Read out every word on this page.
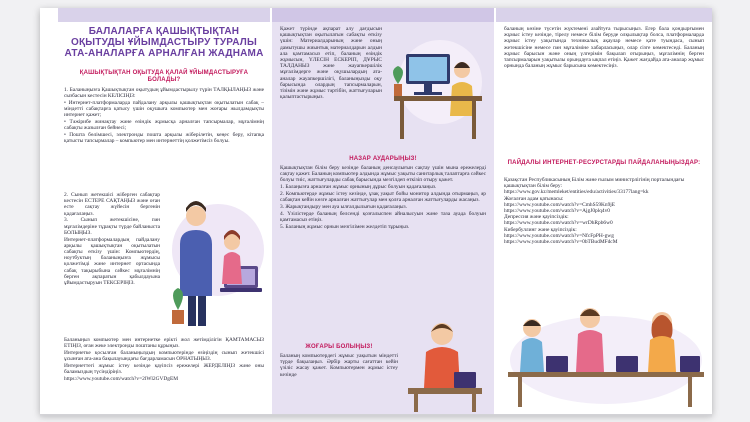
БАЛАЛАРҒА ҚАШЫҚТЫҚТАН ОҚЫТУДЫ ҰЙЫМДАСТЫРУ ТУРАЛЫ АТА-АНАЛАРҒА АРНАЛҒАН ЖАДНАМА
ҚАШЫҚТЫҚТАН ОҚЫТУДА ҚАЛАЙ ҰЙЫМДАСТЫРУҒА БОЛАДЫ?

1. Баланыңызға Қашықтықтан оқытудың ұйымдастырылу түрін ТАЛҚЫЛАҢЫЗ және сызбасын кестесін КЕЛІСІҢІЗ:

• Интернет-платформаларда пайдалану арқылы қашықтықтан оқытылатын сабақ – міндетті сабақтарға қатысу үшін оқушыға компьютер мен жоғары жылдамдықты интернет қажет;

• Тәжірибе жинақтау және өзіндік жұмысқа арналған тапсырмалар, мұғалімнің сабақты жазылған бейнесі;

• Пошта бөлімшесі, электронды пошта арқылы жіберілетін, кеңес беру, кітапқа қатысты тапсырмалар – компьютер мен интернеттің қолжетімсіз болуы.

2. Сынып жетекшісі жіберген сабақтар кестесін ЕСТЕРЕ САҚТАҢЫЗ және оған есте сақтау жүйесін бергенін қадағалаңыз.

3. Сынып жетекшісіне, пән мұғалімдеріне тұрақты түрде байланыста БОЛЫҢЫЗ.

Интернет-платформалардың пайдалану арқылы қашықтықтан оқытылатын сабақты өткізу үшін: Компьютердің, ноутбуктың баланыңызға жұмысы қолжетімді және интернет ортасында сабақ тақырыбына сәйкес мұғалімнің берген ақпаратын қабылдауына ұйымдастыруын ТЕКСЕРІҢІЗ.

Баланыңыз компьютер мен интернетке ерікті жол жетімділігін ҚАМТАМАСЫЗ ЕТІҢІЗ, оған жеке электронды поштаны құрыңыз.

Интернетке қосылған баланыңыздың компьютерінде өзіңіздің сынып жетекшісі ұсынған ата-ана бақылауындағы бағдарламасын ОРНАТЫҢЫЗ.

Интернеттегі жұмыс істеу кезінде қауіпсіз ережелері ЖЕРДЕЛІҢІЗ және оны баламыздың түсіндіріңіз.

https://www.youtube.com/watch?v=2lWl2GVDgEM

Қажет түрінде ақпарат алу дағдысын қашықтықтан оқытылатын сабақты өткізу үшін: Материалдарының және оның дамытушы жиынтық материалдарын алдын ала қамтамасыз етіп, баланың өзіндік жұмысын, ҮЛЕСІН ЕСКЕРІП, ДҰРЫС ТАЛДАНЫЗ және жауапкершілік мұғалімдерге және оқушылардың ата-аналар жауапкершілігі, баланыңызды оқу барысында олардың тапсырмаларын, тізімін және жұмыс тәртібін, жаттығуларын қалыптастырыңыз.
НАЗАР АУДАРЫҢЫЗ!

Қашықтықтан білім беру кезінде баланың денсаулығын сақтау үшін мына ережелерді сақтау қажет. Баланың компьютер алдында жұмыс уақыты санитарлық талаптарға сәйкес болуы тиіс, жаттығуларды сабақ барысында мезгілдеп өткізіп отыру қажет.

1. Балаңызға арналған жұмыс орнының дұрыс болуын қадағалаңыз.

2. Компьютерде жұмыс істеу кезінде, ұзақ уақыт бойы монитор алдында отырмаңыз, әр сабақтан кейін көзге арналған жаттығулар мен қолға арналған жаттығуларды жасаңыз.

3. Жарықтандыру мен ауа ылғалдылығын қадағалаңыз.

4. Үзілістерде баланың белсенді қозғалыспен айналысуын және таза ауада болуын қамтамасыз етіңіз.

5. Баланың жұмыс орнын мезгілімен желдетіп тұрыңыз.

ЖОҒАРЫ БОЛЫҢЫЗ!
Баланың компьютердегі жұмыс уақытын міндетті түрде бақылаңыз. Әрбір жарты сағаттан кейін үзіліс жасау қажет. Компьютермен жұмыс істеу кезінде
баланың көзіне түсетін жүктемені азайтуға тырысыңыз. Егер бала қондырғымен жұмыс істеу кезінде, тірелу немесе білім беруде олқылықтар болса, платформаларда жұмыс істеу уақытында техникалық ақаулар немесе қате туындаса, сынып жетекшісіне немесе пән мұғаліміне хабарласыңыз, олар сізге көмектеседі. Баланың жұмыс барысын және оның үлгерімін бақылап отырыңыз, мұғалімнің берген тапсырмаларын уақытылы орындауға ықпал етіңіз. Қажет жағдайда ата-аналар жұмыс орнында баланың жұмыс барысына көмектесіңіз.
ПАЙДАЛЫ ИНТЕРНЕТ-РЕСУРСТАРДЫ ПАЙДАЛАНЫҢЫЗДАР:

Қазақстан Республикасының Білім және ғылым министрлігінің порталындағы қашықтықтан білім беру:

https://www.gov.kz/memleket/entities/edu/activities/33177lang=kk

Жоғалған адам қатынасы:

https://www.youtube.com/watch?v=CmhS59Kn9jE

https://www.youtube.com/watch?v=AjgJ0plq4v0

Депрессия және қауіпсіздік:

https://www.youtube.com/watch?v=wrDhRpb6w0

Кибербуллинг және қауіпсіздік:

https://www.youtube.com/watch?v=NfcFpPH-gwg

https://www.youtube.com/watch?v=0bTBudMFdcM
